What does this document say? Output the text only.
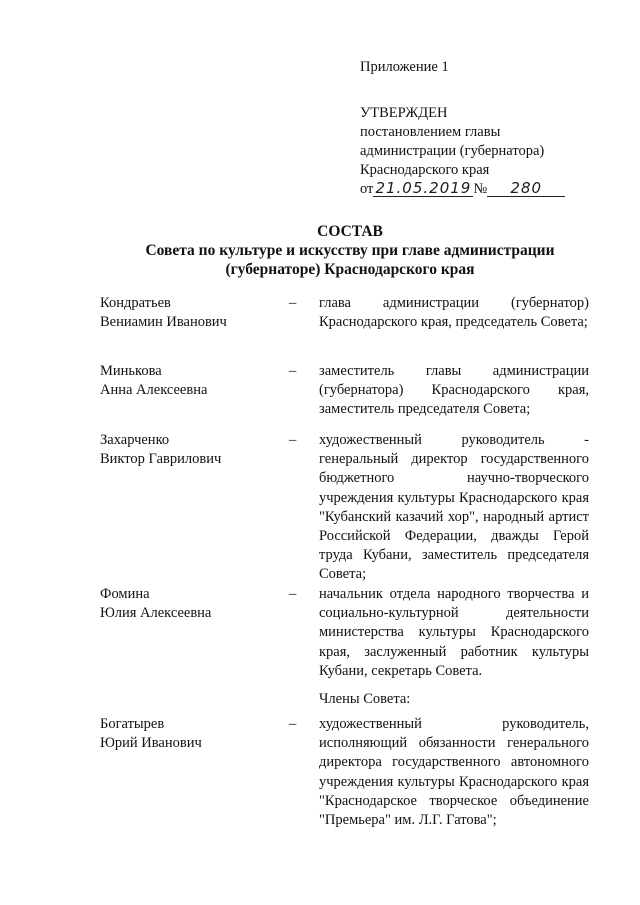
Приложение 1
УТВЕРЖДЕН
постановлением главы
администрации (губернатора)
Краснодарского края
от 21.05.2019 № 280
СОСТАВ
Совета по культуре и искусству при главе администрации
(губернаторе) Краснодарского края
Кондратьев
Вениамин Иванович
– глава администрации (губернатор) Краснодарского края, председатель Совета;
Минькова
Анна Алексеевна
– заместитель главы администрации (губернатора) Краснодарского края, заместитель председателя Совета;
Захарченко
Виктор Гаврилович
– художественный руководитель - генеральный директор государственного бюджетного научно-творческого учреждения культуры Краснодарского края "Кубанский казачий хор", народный артист Российской Федерации, дважды Герой труда Кубани, заместитель председателя Совета;
Фомина
Юлия Алексеевна
– начальник отдела народного творчества и социально-культурной деятельности министерства культуры Краснодарского края, заслуженный работник культуры Кубани, секретарь Совета.
Члены Совета:
Богатырев
Юрий Иванович
– художественный руководитель, исполняющий обязанности генерального директора государственного автономного учреждения культуры Краснодарского края "Краснодарское творческое объединение "Премьера" им. Л.Г. Гатова";
